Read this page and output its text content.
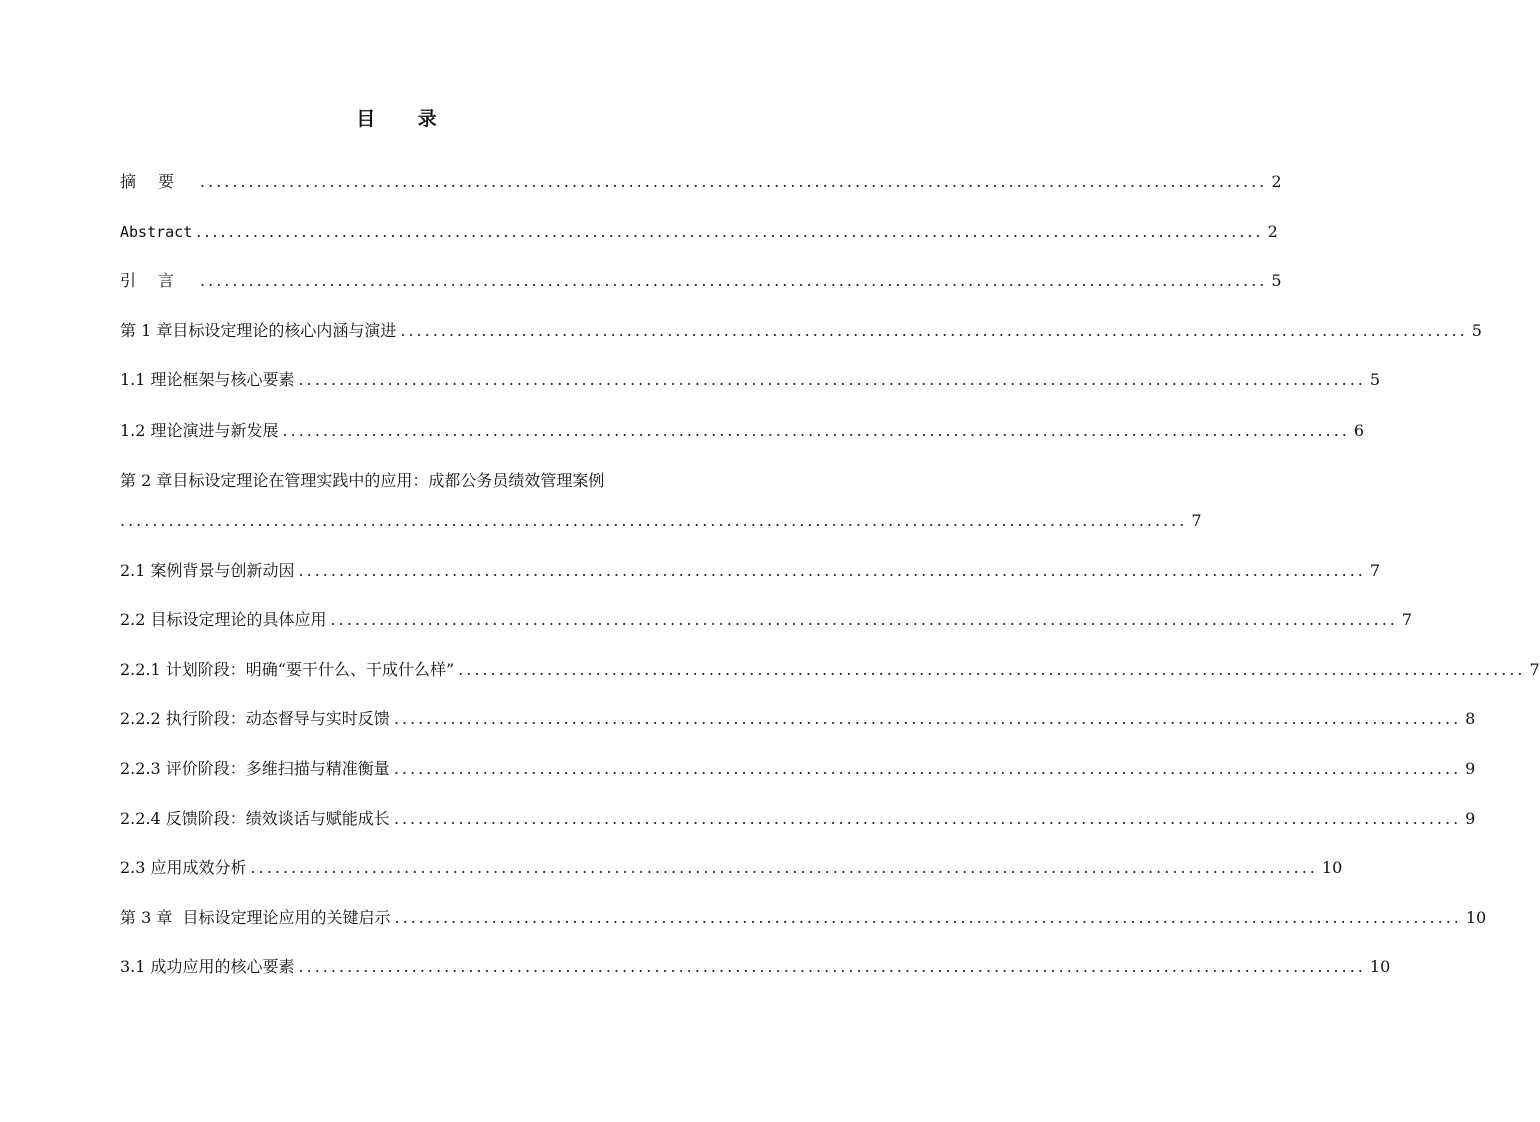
目 录
摘要 .................................................................................................................................... 2
Abstract .................................................................................................................................... 2
引言 .................................................................................................................................... 5
第 1 章目标设定理论的核心内涵与演进 .................................................................................................................................... 5
1.1 理论框架与核心要素 .................................................................................................................................... 5
1.2 理论演进与新发展 .................................................................................................................................... 6
第 2 章目标设定理论在管理实践中的应用：成都公务员绩效管理案例
.................................................................................................................................... 7
2.1 案例背景与创新动因 .................................................................................................................................... 7
2.2 目标设定理论的具体应用 .................................................................................................................................... 7
2.2.1 计划阶段：明确“要干什么、干成什么样” .................................................................................................................................... 7
2.2.2 执行阶段：动态督导与实时反馈 .................................................................................................................................... 8
2.2.3 评价阶段：多维扫描与精准衡量 .................................................................................................................................... 9
2.2.4 反馈阶段：绩效谈话与赋能成长 .................................................................................................................................... 9
2.3 应用成效分析 .................................................................................................................................... 10
第 3 章  目标设定理论应用的关键启示 .................................................................................................................................... 10
3.1 成功应用的核心要素 .................................................................................................................................... 10
